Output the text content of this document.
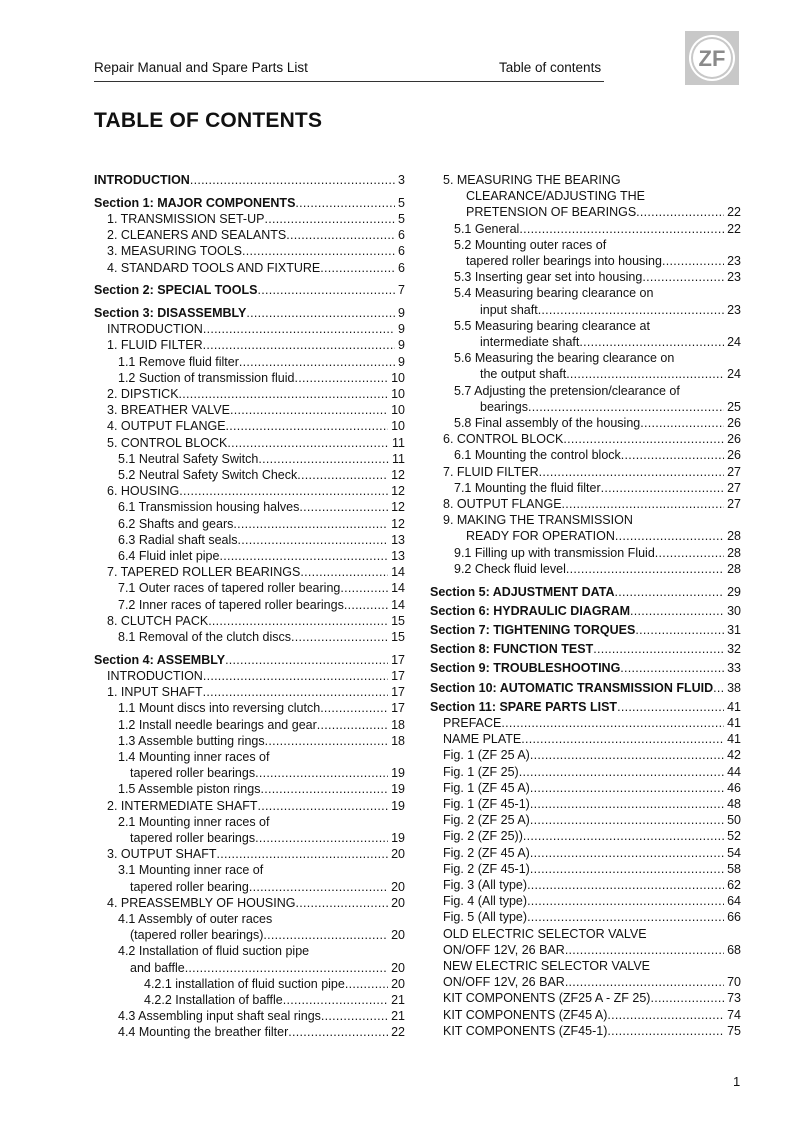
Repair Manual and Spare Parts List	Table of contents	ZF
TABLE OF CONTENTS
INTRODUCTION . . .	3
Section 1: MAJOR COMPONENTS . . .	5
1. TRANSMISSION SET-UP . . .	5
2. CLEANERS AND SEALANTS . . .	6
3. MEASURING TOOLS . . .	6
4. STANDARD TOOLS AND FIXTURE . . .	6
Section 2: SPECIAL TOOLS . . .	7
Section 3: DISASSEMBLY . . .	9
INTRODUCTION . . .	9
1. FLUID FILTER . . .	9
1.1 Remove fluid filter . . .	9
1.2 Suction of transmission fluid . . .	10
2. DIPSTICK . . .	10
3. BREATHER VALVE . . .	10
4. OUTPUT FLANGE . . .	10
5. CONTROL BLOCK . . .	11
5.1 Neutral Safety Switch . . .	11
5.2 Neutral Safety Switch Check . . .	12
6. HOUSING . . .	12
6.1 Transmission housing halves . . .	12
6.2 Shafts and gears . . .	12
6.3 Radial shaft seals . . .	13
6.4 Fluid inlet pipe . . .	13
7. TAPERED ROLLER BEARINGS . . .	14
7.1 Outer races of tapered roller bearing . . .	14
7.2 Inner races of tapered roller bearings . . .	14
8. CLUTCH PACK . . .	15
8.1 Removal of the clutch discs . . .	15
Section 4: ASSEMBLY . . .	17
INTRODUCTION . . .	17
1. INPUT SHAFT . . .	17
1.1 Mount discs into reversing clutch . . .	17
1.2 Install needle bearings and gear . . .	18
1.3 Assemble butting rings . . .	18
1.4 Mounting inner races of
tapered roller bearings . . .	19
1.5 Assemble piston rings . . .	19
2. INTERMEDIATE SHAFT . . .	19
2.1 Mounting inner races of
tapered roller bearings . . .	19
3. OUTPUT SHAFT . . .	20
3.1 Mounting inner race of
tapered roller bearing . . .	20
4. PREASSEMBLY OF HOUSING . . .	20
4.1 Assembly of outer races
(tapered roller bearings) . . .	20
4.2 Installation of fluid suction pipe
and baffle . . .	20
4.2.1 installation of fluid suction pipe . . .	20
4.2.2 Installation of baffle . . .	21
4.3 Assembling input shaft seal rings . . .	21
4.4 Mounting the breather filter . . .	22
5. MEASURING THE BEARING
CLEARANCE/ADJUSTING THE
PRETENSION OF BEARINGS . . .	22
5.1 General . . .	22
5.2 Mounting outer races of
tapered roller bearings into housing . . .	23
5.3 Inserting gear set into housing . . .	23
5.4 Measuring bearing clearance on
input shaft . . .	23
5.5 Measuring bearing clearance at
intermediate shaft . . .	24
5.6 Measuring the bearing clearance on
the output shaft . . .	24
5.7 Adjusting the pretension/clearance of
bearings . . .	25
5.8 Final assembly of the housing . . .	26
6. CONTROL BLOCK . . .	26
6.1 Mounting the control block . . .	26
7. FLUID FILTER . . .	27
7.1 Mounting the fluid filter . . .	27
8. OUTPUT FLANGE . . .	27
9. MAKING THE TRANSMISSION
READY FOR OPERATION . . .	28
9.1 Filling up with transmission Fluid . . .	28
9.2 Check fluid level . . .	28
Section 5: ADJUSTMENT DATA . . .	29
Section 6: HYDRAULIC DIAGRAM . . .	30
Section 7: TIGHTENING TORQUES . . .	31
Section 8: FUNCTION TEST . . .	32
Section 9: TROUBLESHOOTING . . .	33
Section 10: AUTOMATIC TRANSMISSION FLUID . . . 38
Section 11: SPARE PARTS LIST . . .	41
PREFACE . . .	41
NAME PLATE . . .	41
Fig. 1 (ZF 25 A) . . .	42
Fig. 1 (ZF 25) . . .	44
Fig. 1 (ZF 45 A) . . .	46
Fig. 1 (ZF 45-1) . . .	48
Fig. 2 (ZF 25 A) . . .	50
Fig. 2 (ZF 25)) . . .	52
Fig. 2 (ZF 45 A) . . .	54
Fig. 2 (ZF 45-1) . . .	58
Fig. 3 (All type) . . .	62
Fig. 4 (All type) . . .	64
Fig. 5 (All type) . . .	66
OLD ELECTRIC SELECTOR VALVE
ON/OFF 12V, 26 BAR . . .	68
NEW ELECTRIC SELECTOR VALVE
ON/OFF 12V, 26 BAR . . .	70
KIT COMPONENTS (ZF25 A - ZF 25) . . .	73
KIT COMPONENTS (ZF45 A) . . .	74
KIT COMPONENTS (ZF45-1) . . .	75
1
